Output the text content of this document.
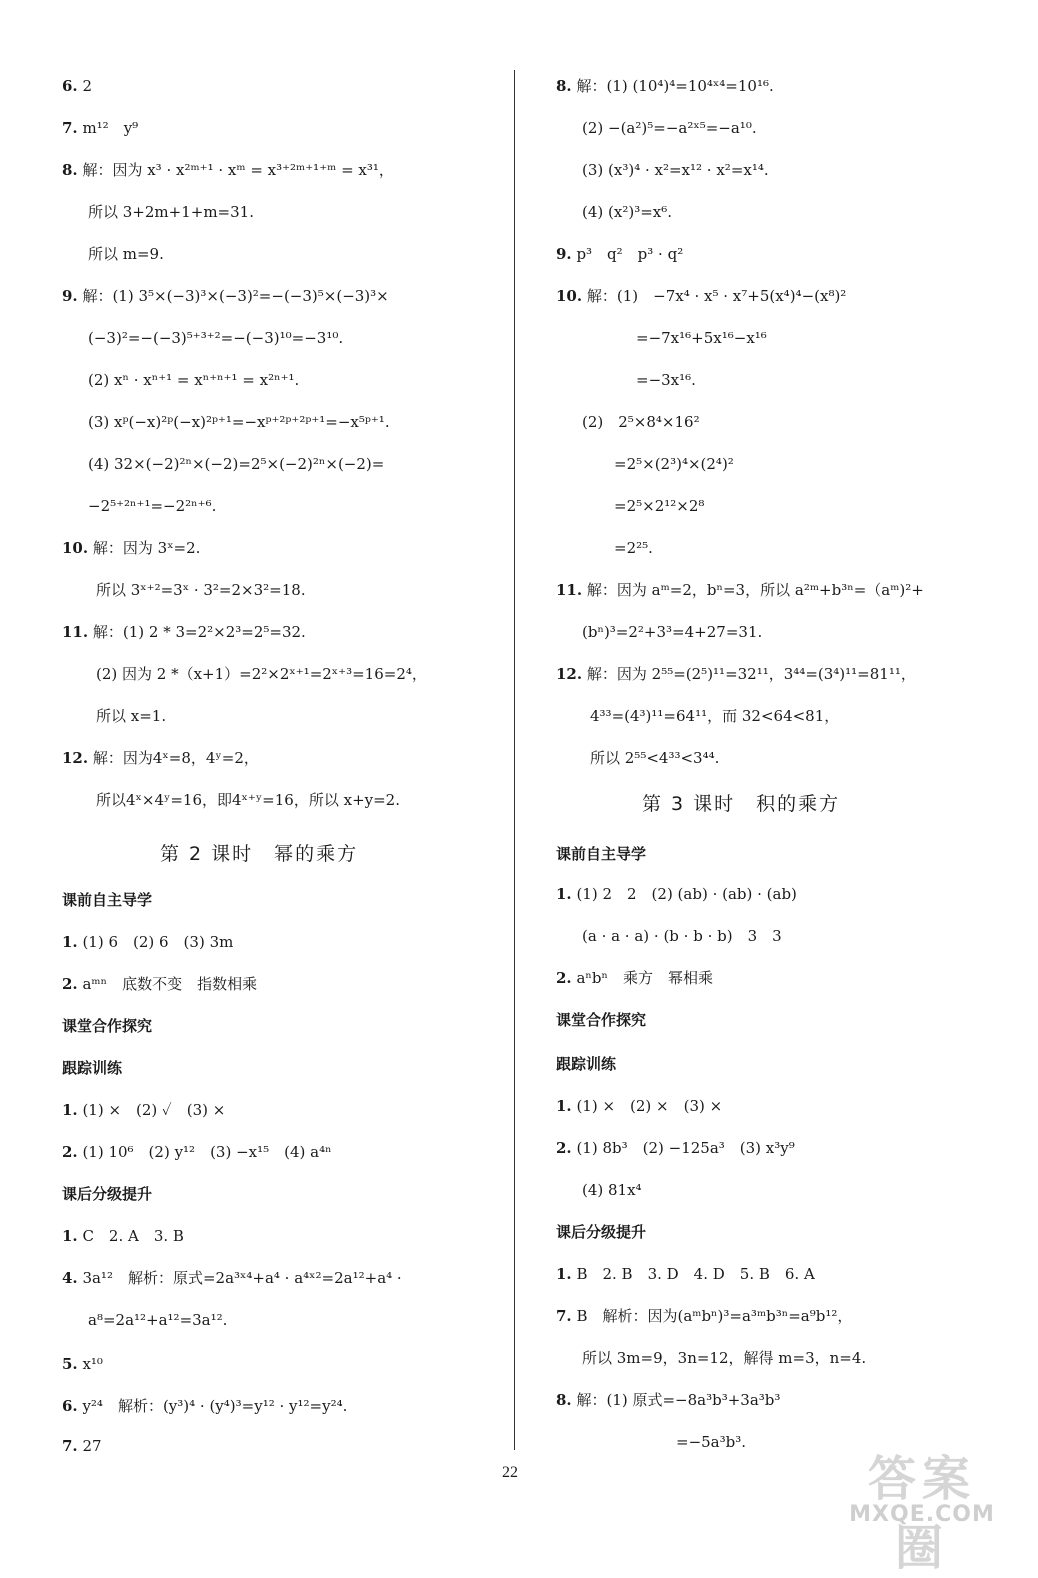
6. 2
7. m¹²　y⁹
8. 解：因为 x³ · x²ᵐ⁺¹ · xᵐ = x³⁺²ᵐ⁺¹⁺ᵐ = x³¹，
所以 3+2m+1+m=31.
所以 m=9.
9. 解：(1) 3⁵×(−3)³×(−3)²=−(−3)⁵×(−3)³×
(−3)²=−(−3)⁵⁺³⁺²=−(−3)¹⁰=−3¹⁰.
(2) xⁿ · xⁿ⁺¹ = xⁿ⁺ⁿ⁺¹ = x²ⁿ⁺¹.
(3) xᵖ(−x)²ᵖ(−x)²ᵖ⁺¹=−xᵖ⁺²ᵖ⁺²ᵖ⁺¹=−x⁵ᵖ⁺¹.
(4) 32×(−2)²ⁿ×(−2)=2⁵×(−2)²ⁿ×(−2)=
−2⁵⁺²ⁿ⁺¹=−2²ⁿ⁺⁶.
10. 解：因为 3ˣ=2.
所以 3ˣ⁺²=3ˣ · 3²=2×3²=18.
11. 解：(1) 2 * 3=2²×2³=2⁵=32.
(2) 因为 2 *（x+1）=2²×2ˣ⁺¹=2ˣ⁺³=16=2⁴，
所以 x=1.
12. 解：因为4ˣ=8，4ʸ=2，
所以4ˣ×4ʸ=16，即4ˣ⁺ʸ=16，所以 x+y=2.
第 2 课时　幂的乘方
课前自主导学
1. (1) 6　(2) 6　(3) 3m
2. aᵐⁿ　底数不变　指数相乘
课堂合作探究
跟踪训练
1. (1) ×　(2) ✓　(3) ×
2. (1) 10⁶　(2) y¹²　(3) −x¹⁵　(4) a⁴ⁿ
课后分级提升
1. C　2. A　3. B
4. 3a¹²　解析：原式=2a³ˣ⁴+a⁴ · a⁴ˣ²=2a¹²+a⁴ ·
a⁸=2a¹²+a¹²=3a¹².
5. x¹⁰
6. y²⁴　解析：(y³)⁴ · (y⁴)³=y¹² · y¹²=y²⁴.
7. 27
8. 解：(1) (10⁴)⁴=10⁴ˣ⁴=10¹⁶.
(2) −(a²)⁵=−a²ˣ⁵=−a¹⁰.
(3) (x³)⁴ · x²=x¹² · x²=x¹⁴.
(4) (x²)³=x⁶.
9. p³　q²　p³ · q²
10. 解：(1)　−7x⁴ · x⁵ · x⁷+5(x⁴)⁴−(x⁸)²
=−7x¹⁶+5x¹⁶−x¹⁶
=−3x¹⁶.
(2)　2⁵×8⁴×16²
=2⁵×(2³)⁴×(2⁴)²
=2⁵×2¹²×2⁸
=2²⁵.
11. 解：因为 aᵐ=2，bⁿ=3，所以 a²ᵐ+b³ⁿ=（aᵐ)²+
(bⁿ)³=2²+3³=4+27=31.
12. 解：因为 2⁵⁵=(2⁵)¹¹=32¹¹，3⁴⁴=(3⁴)¹¹=81¹¹，
4³³=(4³)¹¹=64¹¹，而 32<64<81，
所以 2⁵⁵<4³³<3⁴⁴.
第 3 课时　积的乘方
课前自主导学
1. (1) 2　2　(2) (ab) · (ab) · (ab)
(a · a · a) · (b · b · b)　3　3
2. aⁿbⁿ　乘方　幂相乘
课堂合作探究
跟踪训练
1. (1) ×　(2) ×　(3) ×
2. (1) 8b³　(2) −125a³　(3) x³y⁹
(4) 81x⁴
课后分级提升
1. B　2. B　3. D　4. D　5. B　6. A
7. B　解析：因为(aᵐbⁿ)³=a³ᵐb³ⁿ=a⁹b¹²，
所以 3m=9，3n=12，解得 m=3，n=4.
8. 解：(1) 原式=−8a³b³+3a³b³
=−5a³b³.
22	答案圈
MXQE.COM
